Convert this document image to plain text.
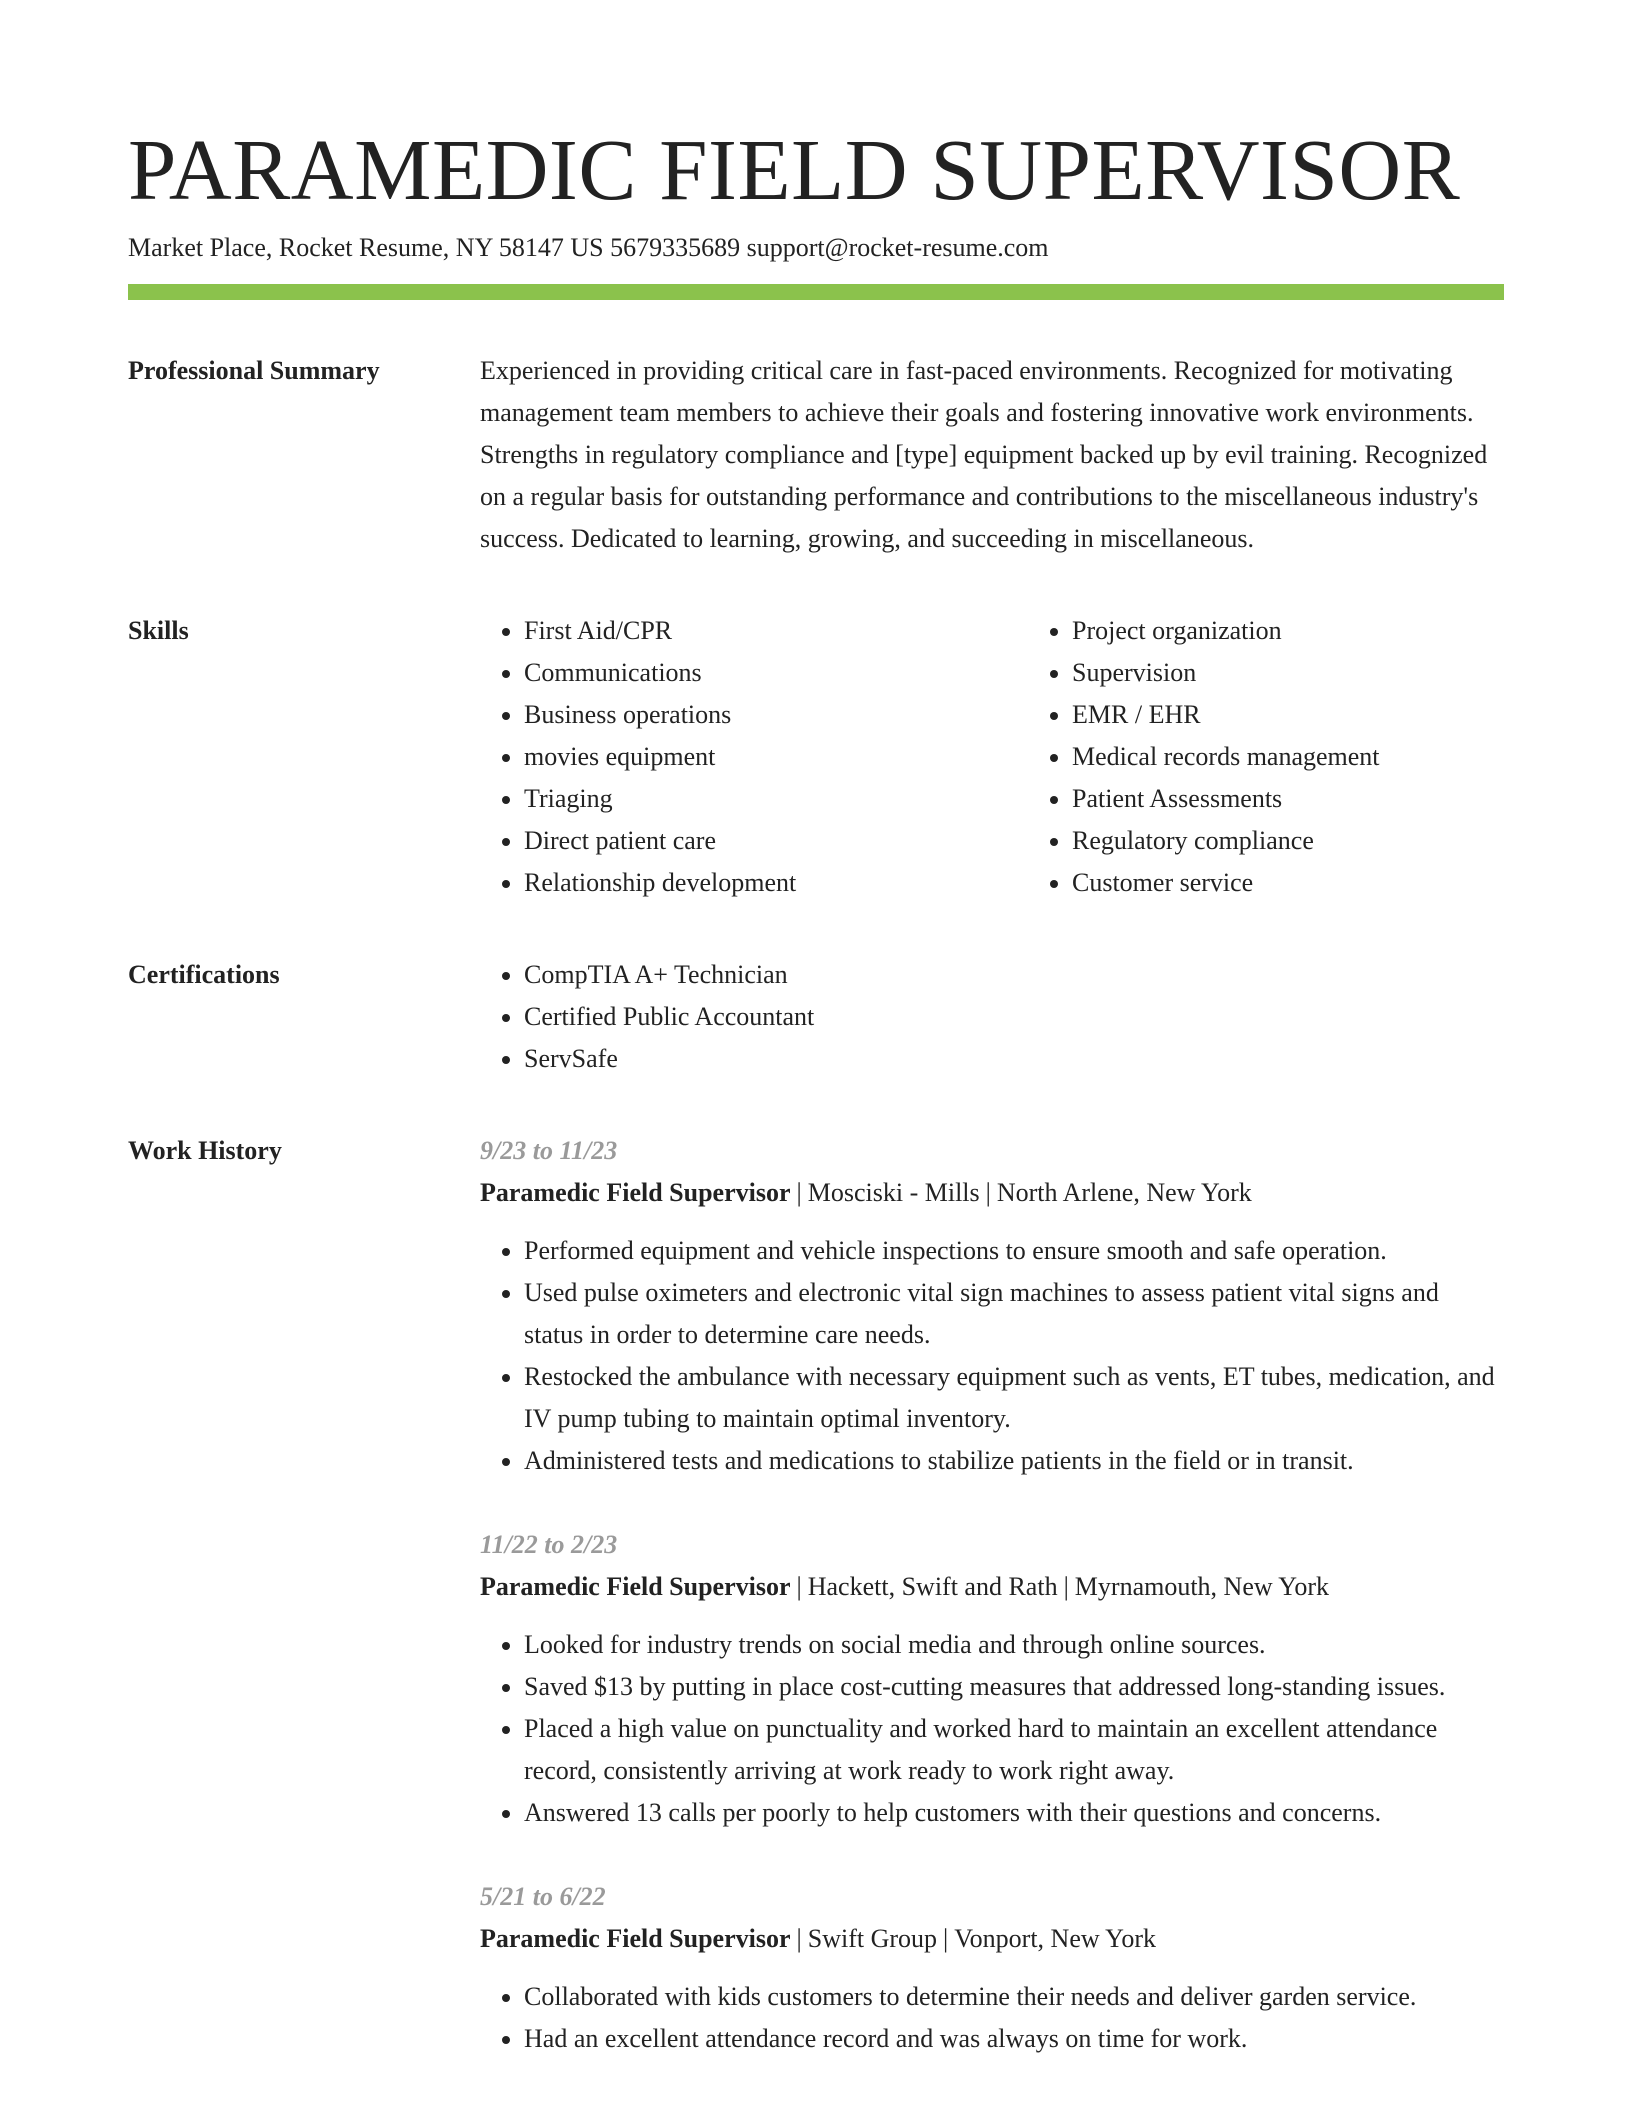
PARAMEDIC FIELD SUPERVISOR
Market Place, Rocket Resume, NY 58147 US 5679335689 support@rocket-resume.com
Professional Summary	Experienced in providing critical care in fast-paced environments. Recognized for motivating management team members to achieve their goals and fostering innovative work environments. Strengths in regulatory compliance and [type] equipment backed up by evil training. Recognized on a regular basis for outstanding performance and contributions to the miscellaneous industry's success. Dedicated to learning, growing, and succeeding in miscellaneous.

Skills	• First Aid/CPR
• Communications
• Business operations
• movies equipment
• Triaging
• Direct patient care
• Relationship development
• Project organization
• Supervision
• EMR / EHR
• Medical records management
• Patient Assessments
• Regulatory compliance
• Customer service
Certifications	• CompTIA A+ Technician
• Certified Public Accountant
• ServSafe
Work History	9/23 to 11/23
Paramedic Field Supervisor | Mosciski - Mills | North Arlene, New York
• Performed equipment and vehicle inspections to ensure smooth and safe operation.
• Used pulse oximeters and electronic vital sign machines to assess patient vital signs and status in order to determine care needs.
• Restocked the ambulance with necessary equipment such as vents, ET tubes, medication, and IV pump tubing to maintain optimal inventory.
• Administered tests and medications to stabilize patients in the field or in transit.
11/22 to 2/23
Paramedic Field Supervisor | Hackett, Swift and Rath | Myrnamouth, New York
• Looked for industry trends on social media and through online sources.
• Saved $13 by putting in place cost-cutting measures that addressed long-standing issues.
• Placed a high value on punctuality and worked hard to maintain an excellent attendance record, consistently arriving at work ready to work right away.
• Answered 13 calls per poorly to help customers with their questions and concerns.
5/21 to 6/22
Paramedic Field Supervisor | Swift Group | Vonport, New York
• Collaborated with kids customers to determine their needs and deliver garden service.
• Had an excellent attendance record and was always on time for work.
